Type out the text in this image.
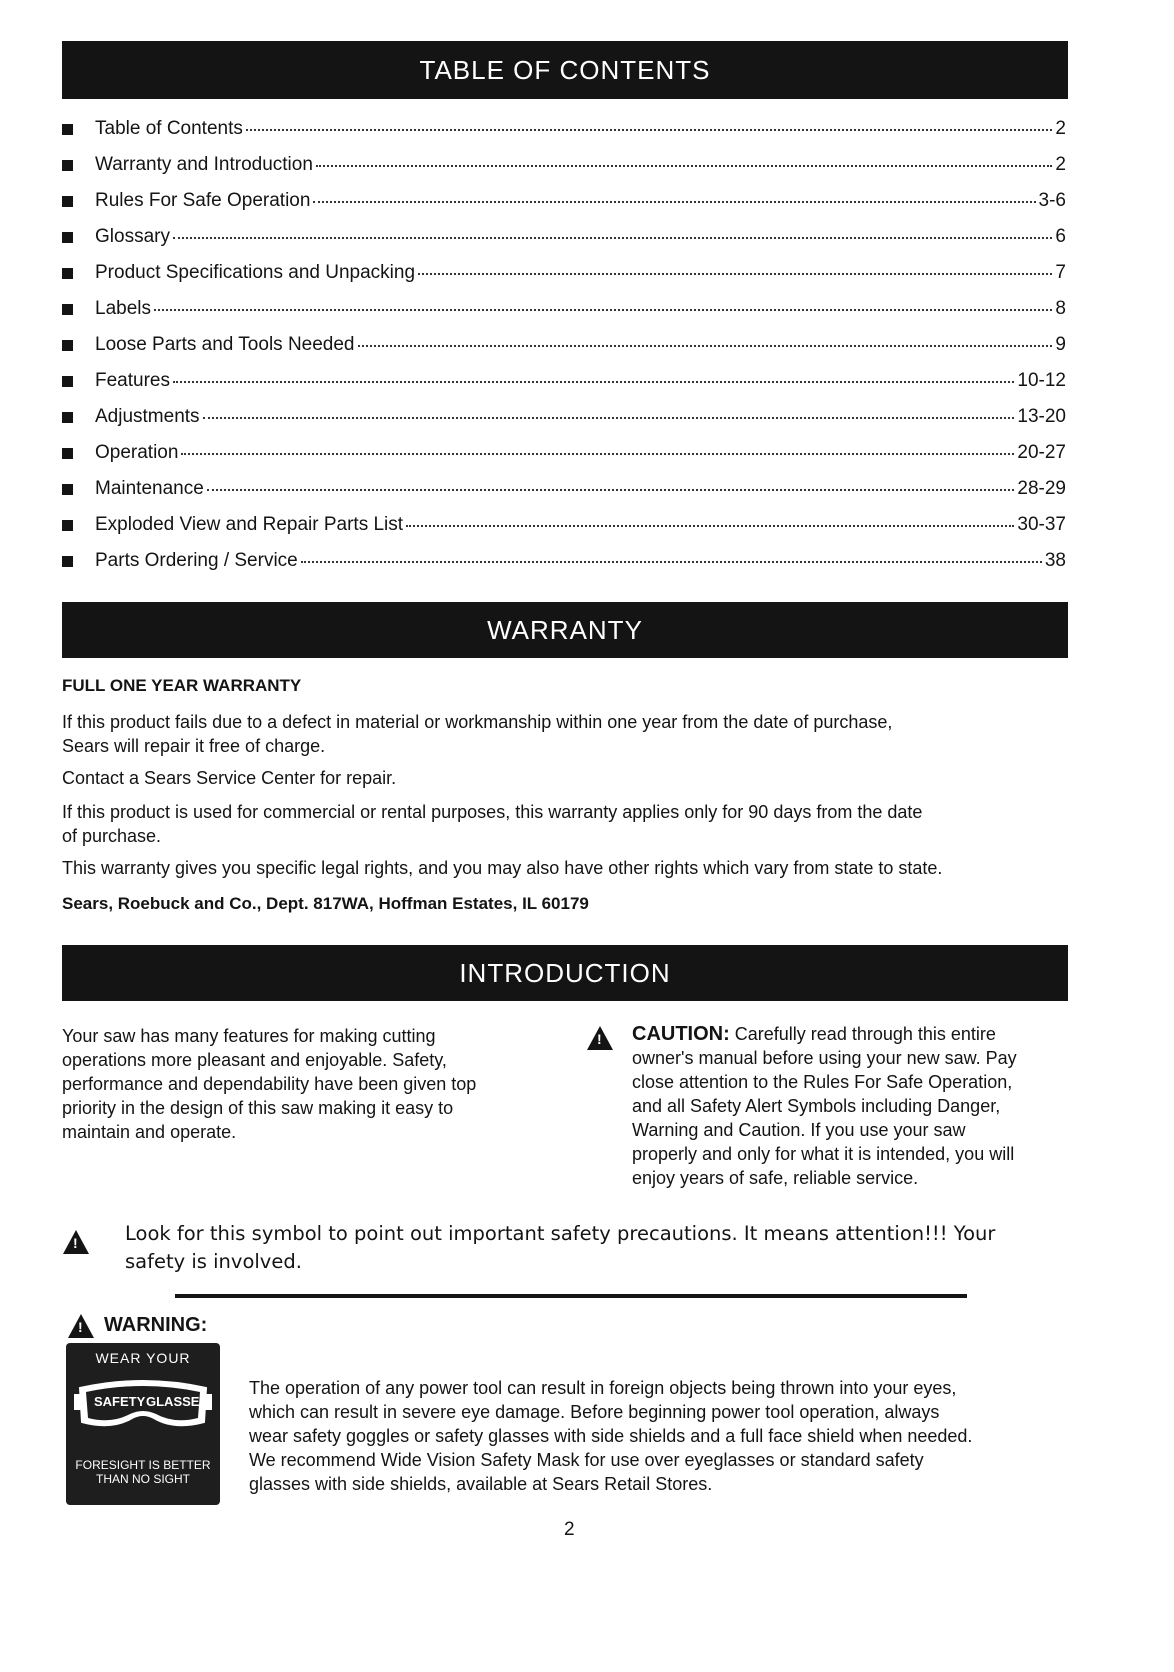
TABLE OF CONTENTS
Table of Contents	2
Warranty and Introduction	2
Rules For Safe Operation	3-6
Glossary	6
Product Specifications and Unpacking	7
Labels	8
Loose Parts and Tools Needed	9
Features	10-12
Adjustments	13-20
Operation	20-27
Maintenance	28-29
Exploded View and Repair Parts List	30-37
Parts Ordering / Service	38
WARRANTY
FULL ONE YEAR WARRANTY
If this product fails due to a defect in material or workmanship within one year from the date of purchase,
Sears will repair it free of charge.
Contact a Sears Service Center for repair.
If this product is used for commercial or rental purposes, this warranty applies only for 90 days from the date
of purchase.
This warranty gives you specific legal rights, and you may also have other rights which vary from state to state.
Sears, Roebuck and Co., Dept. 817WA, Hoffman Estates, IL 60179
INTRODUCTION
Your saw has many features for making cutting
operations more pleasant and enjoyable. Safety,
performance and dependability have been given top
priority in the design of this saw making it easy to
maintain and operate.
!
CAUTION: Carefully read through this entire
owner's manual before using your new saw. Pay
close attention to the Rules For Safe Operation,
and all Safety Alert Symbols including Danger,
Warning and Caution. If you use your saw
properly and only for what it is intended, you will
enjoy years of safe, reliable service.
!
Look for this symbol to point out important safety precautions. It means attention!!! Your
safety is involved.
!
WARNING:
WEAR YOUR
SAFETY GLASSES
FORESIGHT IS BETTER
THAN NO SIGHT
The operation of any power tool can result in foreign objects being thrown into your eyes,
which can result in severe eye damage. Before beginning power tool operation, always
wear safety goggles or safety glasses with side shields and a full face shield when needed.
We recommend Wide Vision Safety Mask for use over eyeglasses or standard safety
glasses with side shields, available at Sears Retail Stores.
2
